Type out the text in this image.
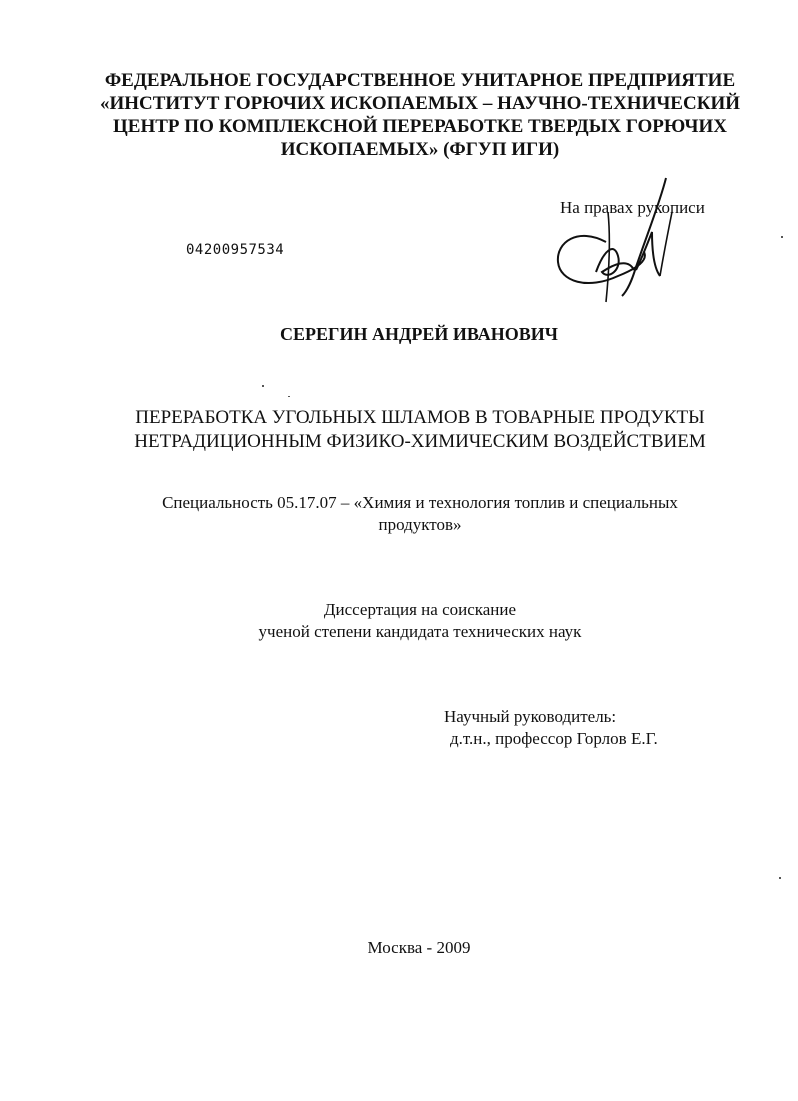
ФЕДЕРАЛЬНОЕ ГОСУДАРСТВЕННОЕ УНИТАРНОЕ ПРЕДПРИЯТИЕ
«ИНСТИТУТ ГОРЮЧИХ ИСКОПАЕМЫХ – НАУЧНО-ТЕХНИЧЕСКИЙ
ЦЕНТР ПО КОМПЛЕКСНОЙ ПЕРЕРАБОТКЕ ТВЕРДЫХ ГОРЮЧИХ
ИСКОПАЕМЫХ» (ФГУП ИГИ)
На правах рукописи
04200957534
СЕРЕГИН АНДРЕЙ ИВАНОВИЧ
ПЕРЕРАБОТКА УГОЛЬНЫХ ШЛАМОВ В ТОВАРНЫЕ ПРОДУКТЫ
НЕТРАДИЦИОННЫМ ФИЗИКО-ХИМИЧЕСКИМ ВОЗДЕЙСТВИЕМ
Специальность 05.17.07 – «Химия и технология топлив и специальных
продуктов»
Диссертация на соискание
ученой степени кандидата технических наук
Научный руководитель:
д.т.н., профессор Горлов Е.Г.
Москва - 2009
